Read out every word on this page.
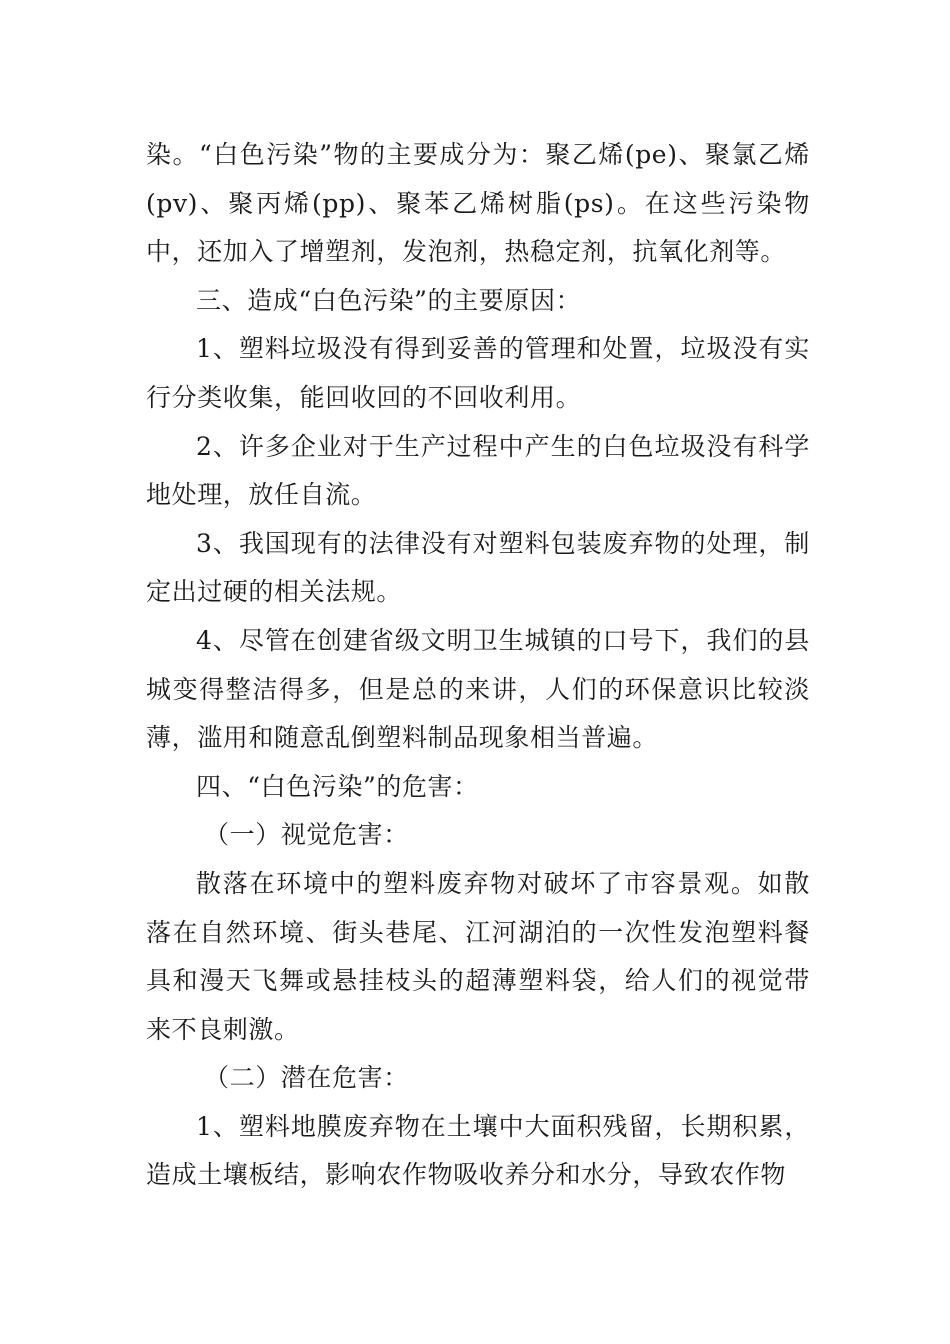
染。“白色污染”物的主要成分为：聚乙烯(pe)、聚氯乙烯(pv)、聚丙烯(pp)、聚苯乙烯树脂(ps)。在这些污染物中，还加入了增塑剂，发泡剂，热稳定剂，抗氧化剂等。

三、造成“白色污染”的主要原因：

1、塑料垃圾没有得到妥善的管理和处置，垃圾没有实行分类收集，能回收回的不回收利用。

2、许多企业对于生产过程中产生的白色垃圾没有科学地处理，放任自流。

3、我国现有的法律没有对塑料包装废弃物的处理，制定出过硬的相关法规。

4、尽管在创建省级文明卫生城镇的口号下，我们的县城变得整洁得多，但是总的来讲，人们的环保意识比较淡薄，滥用和随意乱倒塑料制品现象相当普遍。

四、“白色污染”的危害：

（一）视觉危害：

散落在环境中的塑料废弃物对破坏了市容景观。如散落在自然环境、街头巷尾、江河湖泊的一次性发泡塑料餐具和漫天飞舞或悬挂枝头的超薄塑料袋，给人们的视觉带来不良刺激。

（二）潜在危害：

1、塑料地膜废弃物在土壤中大面积残留，长期积累，造成土壤板结，影响农作物吸收养分和水分，导致农作物
